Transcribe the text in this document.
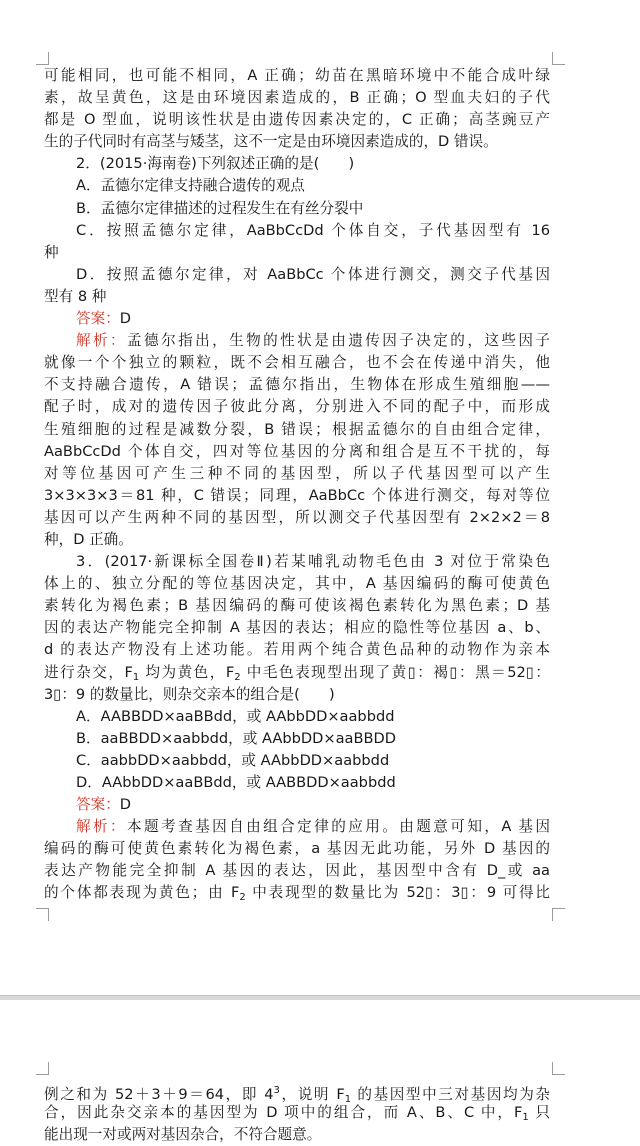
可能相同，也可能不相同，A 正确；幼苗在黑暗环境中不能合成叶绿
素，故呈黄色，这是由环境因素造成的，B 正确；O 型血夫妇的子代
都是 O 型血，说明该性状是由遗传因素决定的，C 正确；高茎豌豆产
生的子代同时有高茎与矮茎，这不一定是由环境因素造成的，D 错误。
2．(2015·海南卷)下列叙述正确的是(　　)
A．孟德尔定律支持融合遗传的观点
B．孟德尔定律描述的过程发生在有丝分裂中
C．按照孟德尔定律，AaBbCcDd 个体自交，子代基因型有 16
种
D．按照孟德尔定律，对 AaBbCc 个体进行测交，测交子代基因
型有 8 种
答案：D
解析：孟德尔指出，生物的性状是由遗传因子决定的，这些因子
就像一个个独立的颗粒，既不会相互融合，也不会在传递中消失，他
不支持融合遗传，A 错误；孟德尔指出，生物体在形成生殖细胞——
配子时，成对的遗传因子彼此分离，分别进入不同的配子中，而形成
生殖细胞的过程是减数分裂，B 错误；根据孟德尔的自由组合定律，
AaBbCcDd 个体自交，四对等位基因的分离和组合是互不干扰的，每
对等位基因可产生三种不同的基因型，所以子代基因型可以产生
3×3×3×3＝81 种，C 错误；同理，AaBbCc 个体进行测交，每对等位
基因可以产生两种不同的基因型，所以测交子代基因型有 2×2×2＝8
种，D 正确。
3．(2017·新课标全国卷Ⅱ)若某哺乳动物毛色由 3 对位于常染色
体上的、独立分配的等位基因决定，其中，A 基因编码的酶可使黄色
素转化为褐色素；B 基因编码的酶可使该褐色素转化为黑色素；D 基
因的表达产物能完全抑制 A 基因的表达；相应的隐性等位基因 a、b、
d 的表达产物没有上述功能。若用两个纯合黄色品种的动物作为亲本
进行杂交，$F_1$ 均为黄色，$F_2$ 中毛色表现型出现了黄▯：褐▯：黑＝52▯：
3▯：9 的数量比，则杂交亲本的组合是(　　)
A．AABBDD×aaBBdd，或 AAbbDD×aabbdd
B．aaBBDD×aabbdd，或 AAbbDD×aaBBDD
C．aabbDD×aabbdd，或 AAbbDD×aabbdd
D．AAbbDD×aaBBdd，或 AABBDD×aabbdd
答案：D
解析：本题考查基因自由组合定律的应用。由题意可知，A 基因
编码的酶可使黄色素转化为褐色素，a 基因无此功能，另外 D 基因的
表达产物能完全抑制 A 基因的表达，因此，基因型中含有 D_或 aa
的个体都表现为黄色；由 $F_2$ 中表现型的数量比为 52▯：3▯：9 可得比
例之和为 52＋3＋9＝64，即 $4^3$，说明 $F_1$ 的基因型中三对基因均为杂
合，因此杂交亲本的基因型为 D 项中的组合，而 A、B、C 中，$F_1$ 只
能出现一对或两对基因杂合，不符合题意。
